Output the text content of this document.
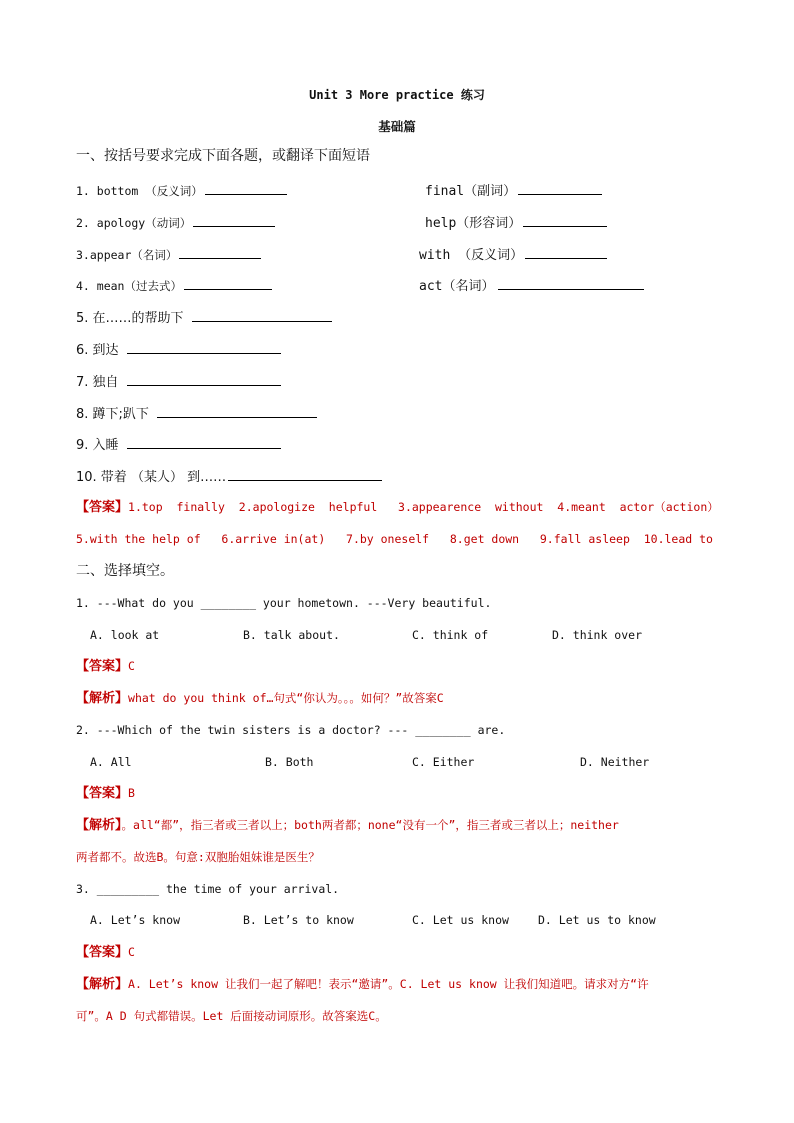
Unit 3 More practice 练习
基础篇
一、按括号要求完成下面各题，或翻译下面短语
1. bottom （反义词）	final（副词）
2. apology（动词）	help（形容词）
3.appear（名词）	with （反义词）
4. mean（过去式）	act（名词）
5. 在……的帮助下
6. 到达
7. 独自
8. 蹲下;趴下
9. 入睡
10. 带着 （某人） 到……
【答案】1.top  finally  2.apologize  helpful   3.appearence  without  4.meant  actor（action）
5.with the help of   6.arrive in(at)   7.by oneself   8.get down   9.fall asleep  10.lead to
二、选择填空。
1. ---What do you ________ your hometown. ---Very beautiful.
A. look at	B. talk about.	C. think of	D. think over
【答案】C
【解析】what do you think of…句式“你认为。。。如何？”故答案C
2. ---Which of the twin sisters is a doctor? --- ________ are.
A. All	B. Both	C. Either	D. Neither
【答案】B
【解析】。all“都”，指三者或三者以上；both两者都；none“没有一个”，指三者或三者以上；neither
两者都不。故选B。句意:双胞胎姐妹谁是医生？
3. _________ the time of your arrival.
A. Let’s know	B. Let’s to know	C. Let us know	D. Let us to know
【答案】C
【解析】A. Let’s know 让我们一起了解吧！表示“邀请”。C. Let us know 让我们知道吧。请求对方“许
可”。A D 句式都错误。Let 后面接动词原形。故答案选C。
